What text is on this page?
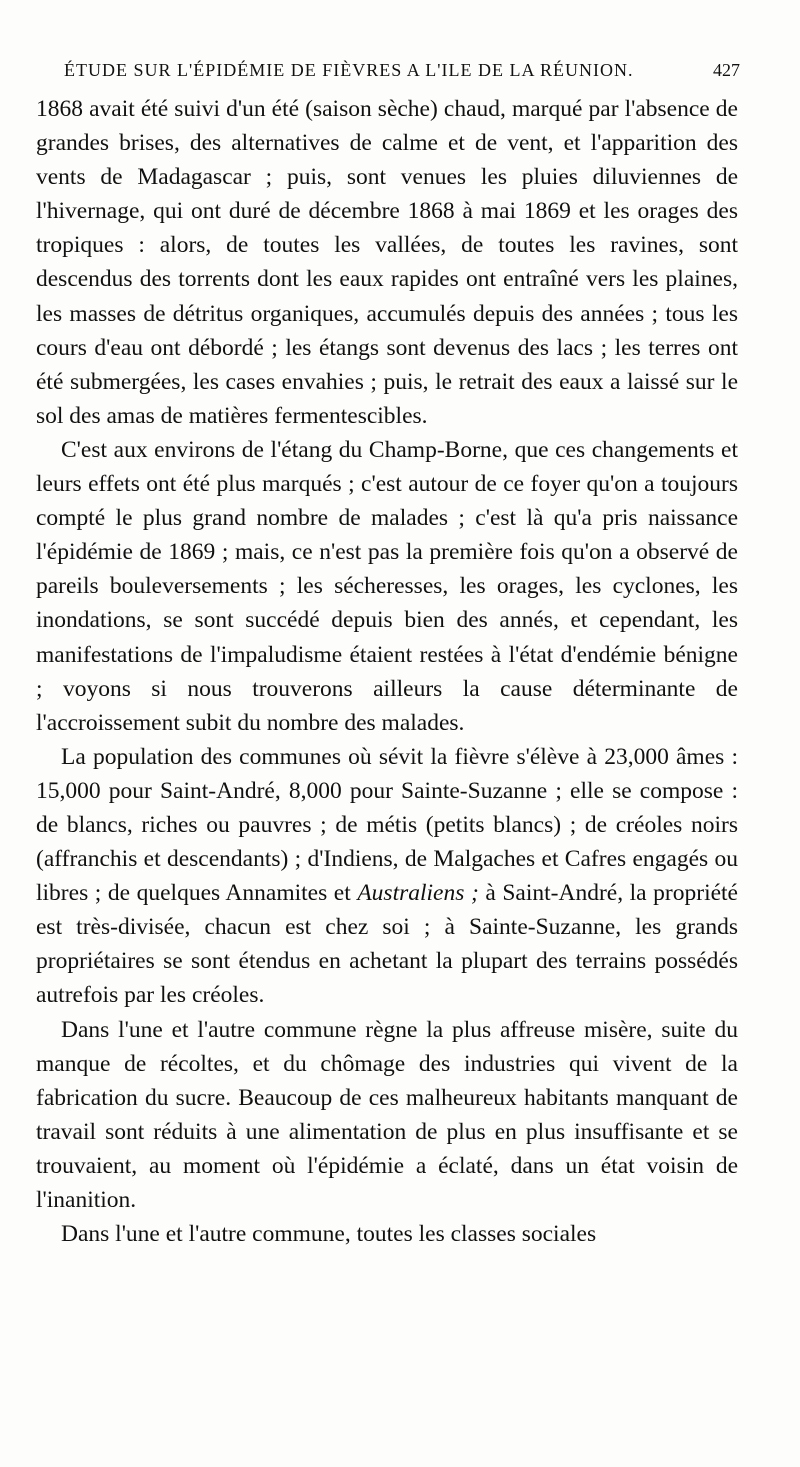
ÉTUDE SUR L'ÉPIDÉMIE DE FIÈVRES A L'ILE DE LA RÉUNION.	427

1868 avait été suivi d'un été (saison sèche) chaud, marqué par l'absence de grandes brises, des alternatives de calme et de vent, et l'apparition des vents de Madagascar ; puis, sont venues les pluies diluviennes de l'hivernage, qui ont duré de décembre 1868 à mai 1869 et les orages des tropiques : alors, de toutes les vallées, de toutes les ravines, sont descendus des torrents dont les eaux rapides ont entraîné vers les plaines, les masses de détritus organiques, accumulés depuis des années ; tous les cours d'eau ont débordé ; les étangs sont devenus des lacs ; les terres ont été submergées, les cases envahies ; puis, le retrait des eaux a laissé sur le sol des amas de matières fermentescibles.

C'est aux environs de l'étang du Champ-Borne, que ces changements et leurs effets ont été plus marqués ; c'est autour de ce foyer qu'on a toujours compté le plus grand nombre de malades ; c'est là qu'a pris naissance l'épidémie de 1869 ; mais, ce n'est pas la première fois qu'on a observé de pareils bouleversements ; les sécheresses, les orages, les cyclones, les inondations, se sont succédé depuis bien des annés, et cependant, les manifestations de l'impaludisme étaient restées à l'état d'endémie bénigne ; voyons si nous trouverons ailleurs la cause déterminante de l'accroissement subit du nombre des malades.

La population des communes où sévit la fièvre s'élève à 23,000 âmes : 15,000 pour Saint-André, 8,000 pour Sainte-Suzanne ; elle se compose : de blancs, riches ou pauvres ; de métis (petits blancs) ; de créoles noirs (affranchis et descendants) ; d'Indiens, de Malgaches et Cafres engagés ou libres ; de quelques Annamites et Australiens ; à Saint-André, la propriété est très-divisée, chacun est chez soi ; à Sainte-Suzanne, les grands propriétaires se sont étendus en achetant la plupart des terrains possédés autrefois par les créoles.

Dans l'une et l'autre commune règne la plus affreuse misère, suite du manque de récoltes, et du chômage des industries qui vivent de la fabrication du sucre. Beaucoup de ces malheureux habitants manquant de travail sont réduits à une alimentation de plus en plus insuffisante et se trouvaient, au moment où l'épidémie a éclaté, dans un état voisin de l'inanition.

Dans l'une et l'autre commune, toutes les classes sociales
